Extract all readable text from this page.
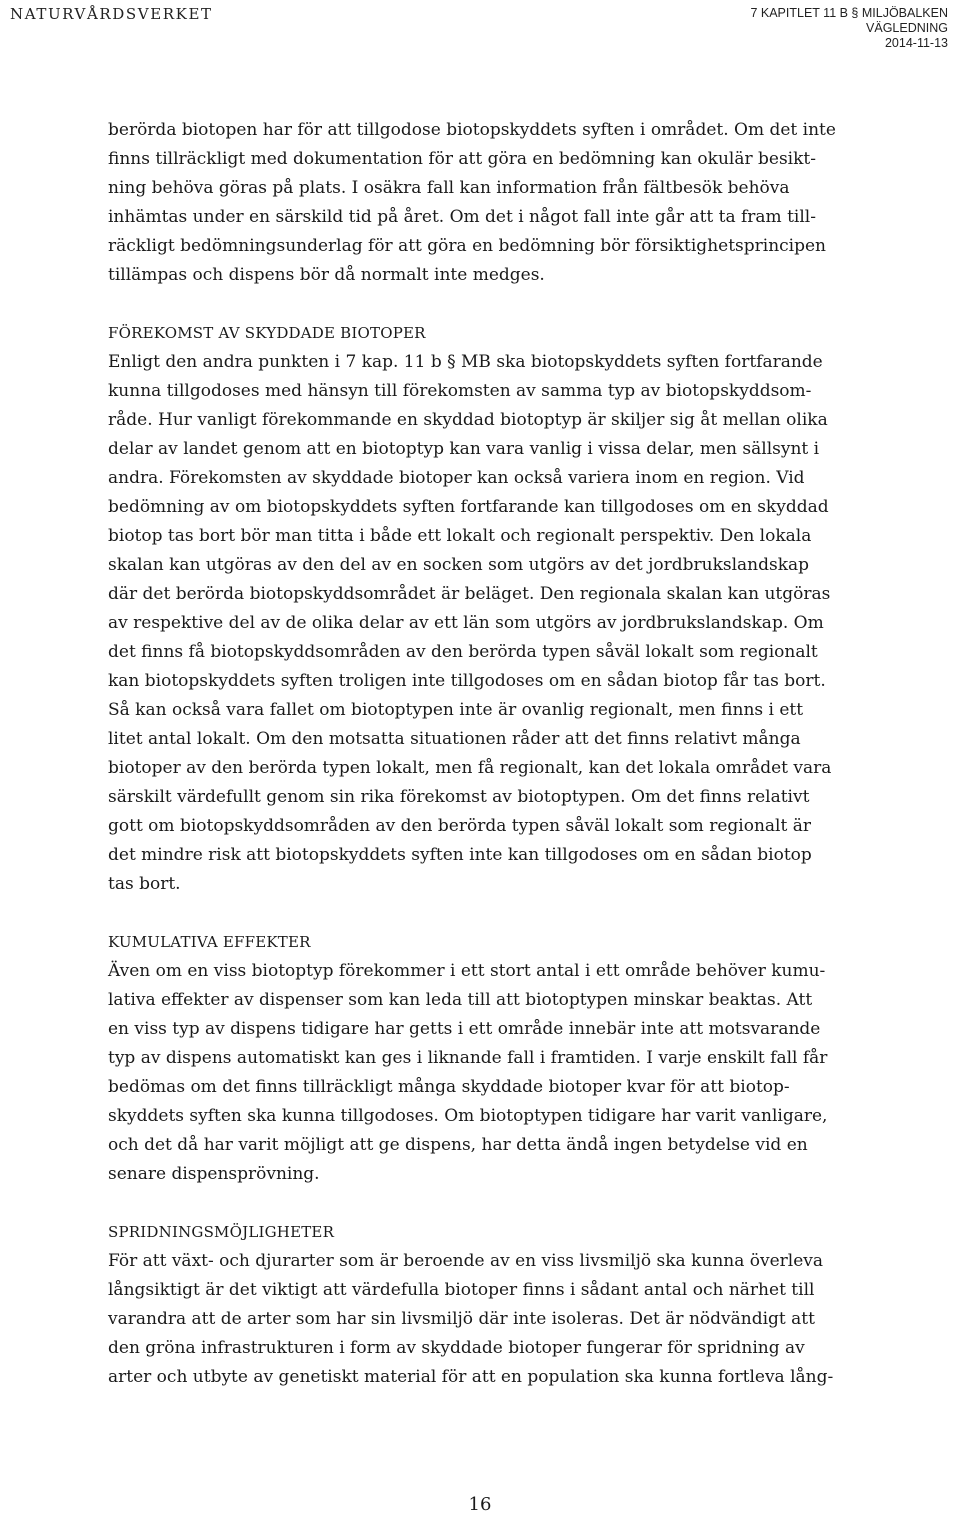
NATURVÅRDSVERKET	7 KAPITLET 11 B § MILJÖBALKEN
VÄGLEDNING
2014-11-13

berörda biotopen har för att tillgodose biotopskyddets syften i området. Om det inte
finns tillräckligt med dokumentation för att göra en bedömning kan okulär besikt-
ning behöva göras på plats. I osäkra fall kan information från fältbesök behöva
inhämtas under en särskild tid på året. Om det i något fall inte går att ta fram till-
räckligt bedömningsunderlag för att göra en bedömning bör försiktighetsprincipen
tillämpas och dispens bör då normalt inte medges.

FÖREKOMST AV SKYDDADE BIOTOPER

Enligt den andra punkten i 7 kap. 11 b § MB ska biotopskyddets syften fortfarande
kunna tillgodoses med hänsyn till förekomsten av samma typ av biotopskyddsom-
råde. Hur vanligt förekommande en skyddad biotoptyp är skiljer sig åt mellan olika
delar av landet genom att en biotoptyp kan vara vanlig i vissa delar, men sällsynt i
andra. Förekomsten av skyddade biotoper kan också variera inom en region. Vid
bedömning av om biotopskyddets syften fortfarande kan tillgodoses om en skyddad
biotop tas bort bör man titta i både ett lokalt och regionalt perspektiv. Den lokala
skalan kan utgöras av den del av en socken som utgörs av det jordbrukslandskap
där det berörda biotopskyddsområdet är beläget. Den regionala skalan kan utgöras
av respektive del av de olika delar av ett län som utgörs av jordbrukslandskap. Om
det finns få biotopskyddsområden av den berörda typen såväl lokalt som regionalt
kan biotopskyddets syften troligen inte tillgodoses om en sådan biotop får tas bort.
Så kan också vara fallet om biotoptypen inte är ovanlig regionalt, men finns i ett
litet antal lokalt. Om den motsatta situationen råder att det finns relativt många
biotoper av den berörda typen lokalt, men få regionalt, kan det lokala området vara
särskilt värdefullt genom sin rika förekomst av biotoptypen. Om det finns relativt
gott om biotopskyddsområden av den berörda typen såväl lokalt som regionalt är
det mindre risk att biotopskyddets syften inte kan tillgodoses om en sådan biotop
tas bort.

KUMULATIVA EFFEKTER

Även om en viss biotoptyp förekommer i ett stort antal i ett område behöver kumu-
lativa effekter av dispenser som kan leda till att biotoptypen minskar beaktas. Att
en viss typ av dispens tidigare har getts i ett område innebär inte att motsvarande
typ av dispens automatiskt kan ges i liknande fall i framtiden. I varje enskilt fall får
bedömas om det finns tillräckligt många skyddade biotoper kvar för att biotop-
skyddets syften ska kunna tillgodoses. Om biotoptypen tidigare har varit vanligare,
och det då har varit möjligt att ge dispens, har detta ändå ingen betydelse vid en
senare dispensprövning.

SPRIDNINGSMÖJLIGHETER

För att växt- och djurarter som är beroende av en viss livsmiljö ska kunna överleva
långsiktigt är det viktigt att värdefulla biotoper finns i sådant antal och närhet till
varandra att de arter som har sin livsmiljö där inte isoleras. Det är nödvändigt att
den gröna infrastrukturen i form av skyddade biotoper fungerar för spridning av
arter och utbyte av genetiskt material för att en population ska kunna fortleva lång-

16
